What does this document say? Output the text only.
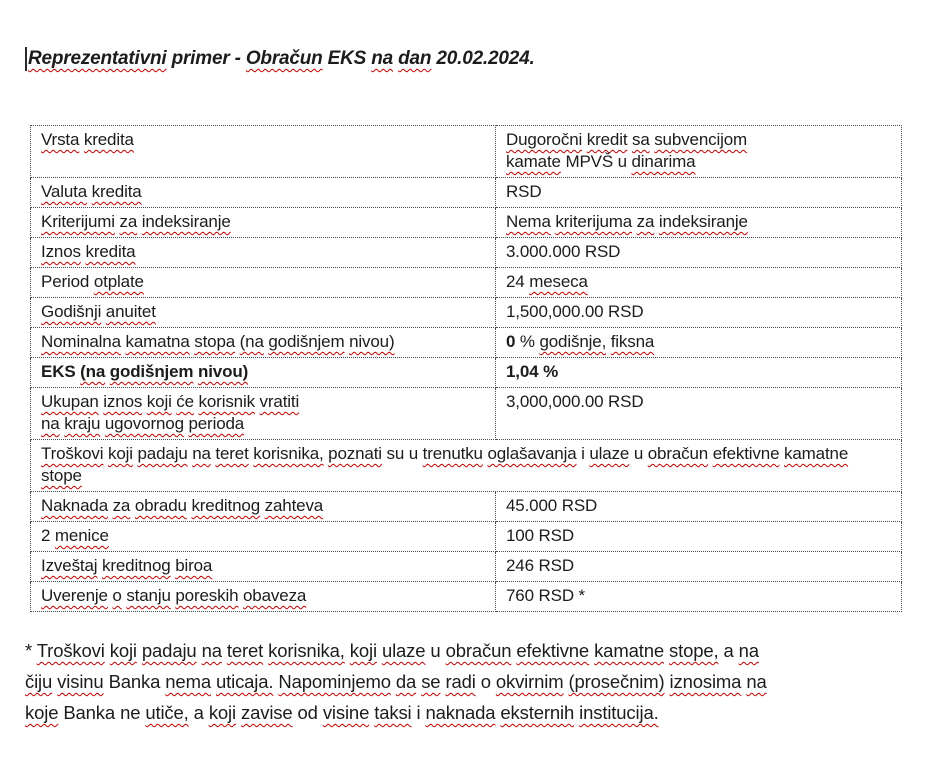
Reprezentativni primer - Obračun EKS na dan 20.02.2024.
Vrsta kredita	Dugoročni kredit sa subvencijom
kamate MPVŠ u dinarima
Valuta kredita	RSD
Kriterijumi za indeksiranje	Nema kriterijuma za indeksiranje
Iznos kredita	3.000.000 RSD
Period otplate	24 meseca
Godišnji anuitet	1,500,000.00 RSD
Nominalna kamatna stopa (na godišnjem nivou)	0 % godišnje, fiksna
EKS (na godišnjem nivou)	1,04 %
Ukupan iznos koji će korisnik vratiti
na kraju ugovornog perioda	3,000,000.00 RSD
Troškovi koji padaju na teret korisnika, poznati su u trenutku oglašavanja i ulaze u obračun efektivne kamatne stope	
Naknada za obradu kreditnog zahteva	45.000 RSD
2 menice	100 RSD
Izveštaj kreditnog biroa	246 RSD
Uverenje o stanju poreskih obaveza	760 RSD *

* Troškovi koji padaju na teret korisnika, koji ulaze u obračun efektivne kamatne stope, a na
čiju visinu Banka nema uticaja. Napominjemo da se radi o okvirnim (prosečnim) iznosima na
koje Banka ne utiče, a koji zavise od visine taksi i naknada eksternih institucija.
